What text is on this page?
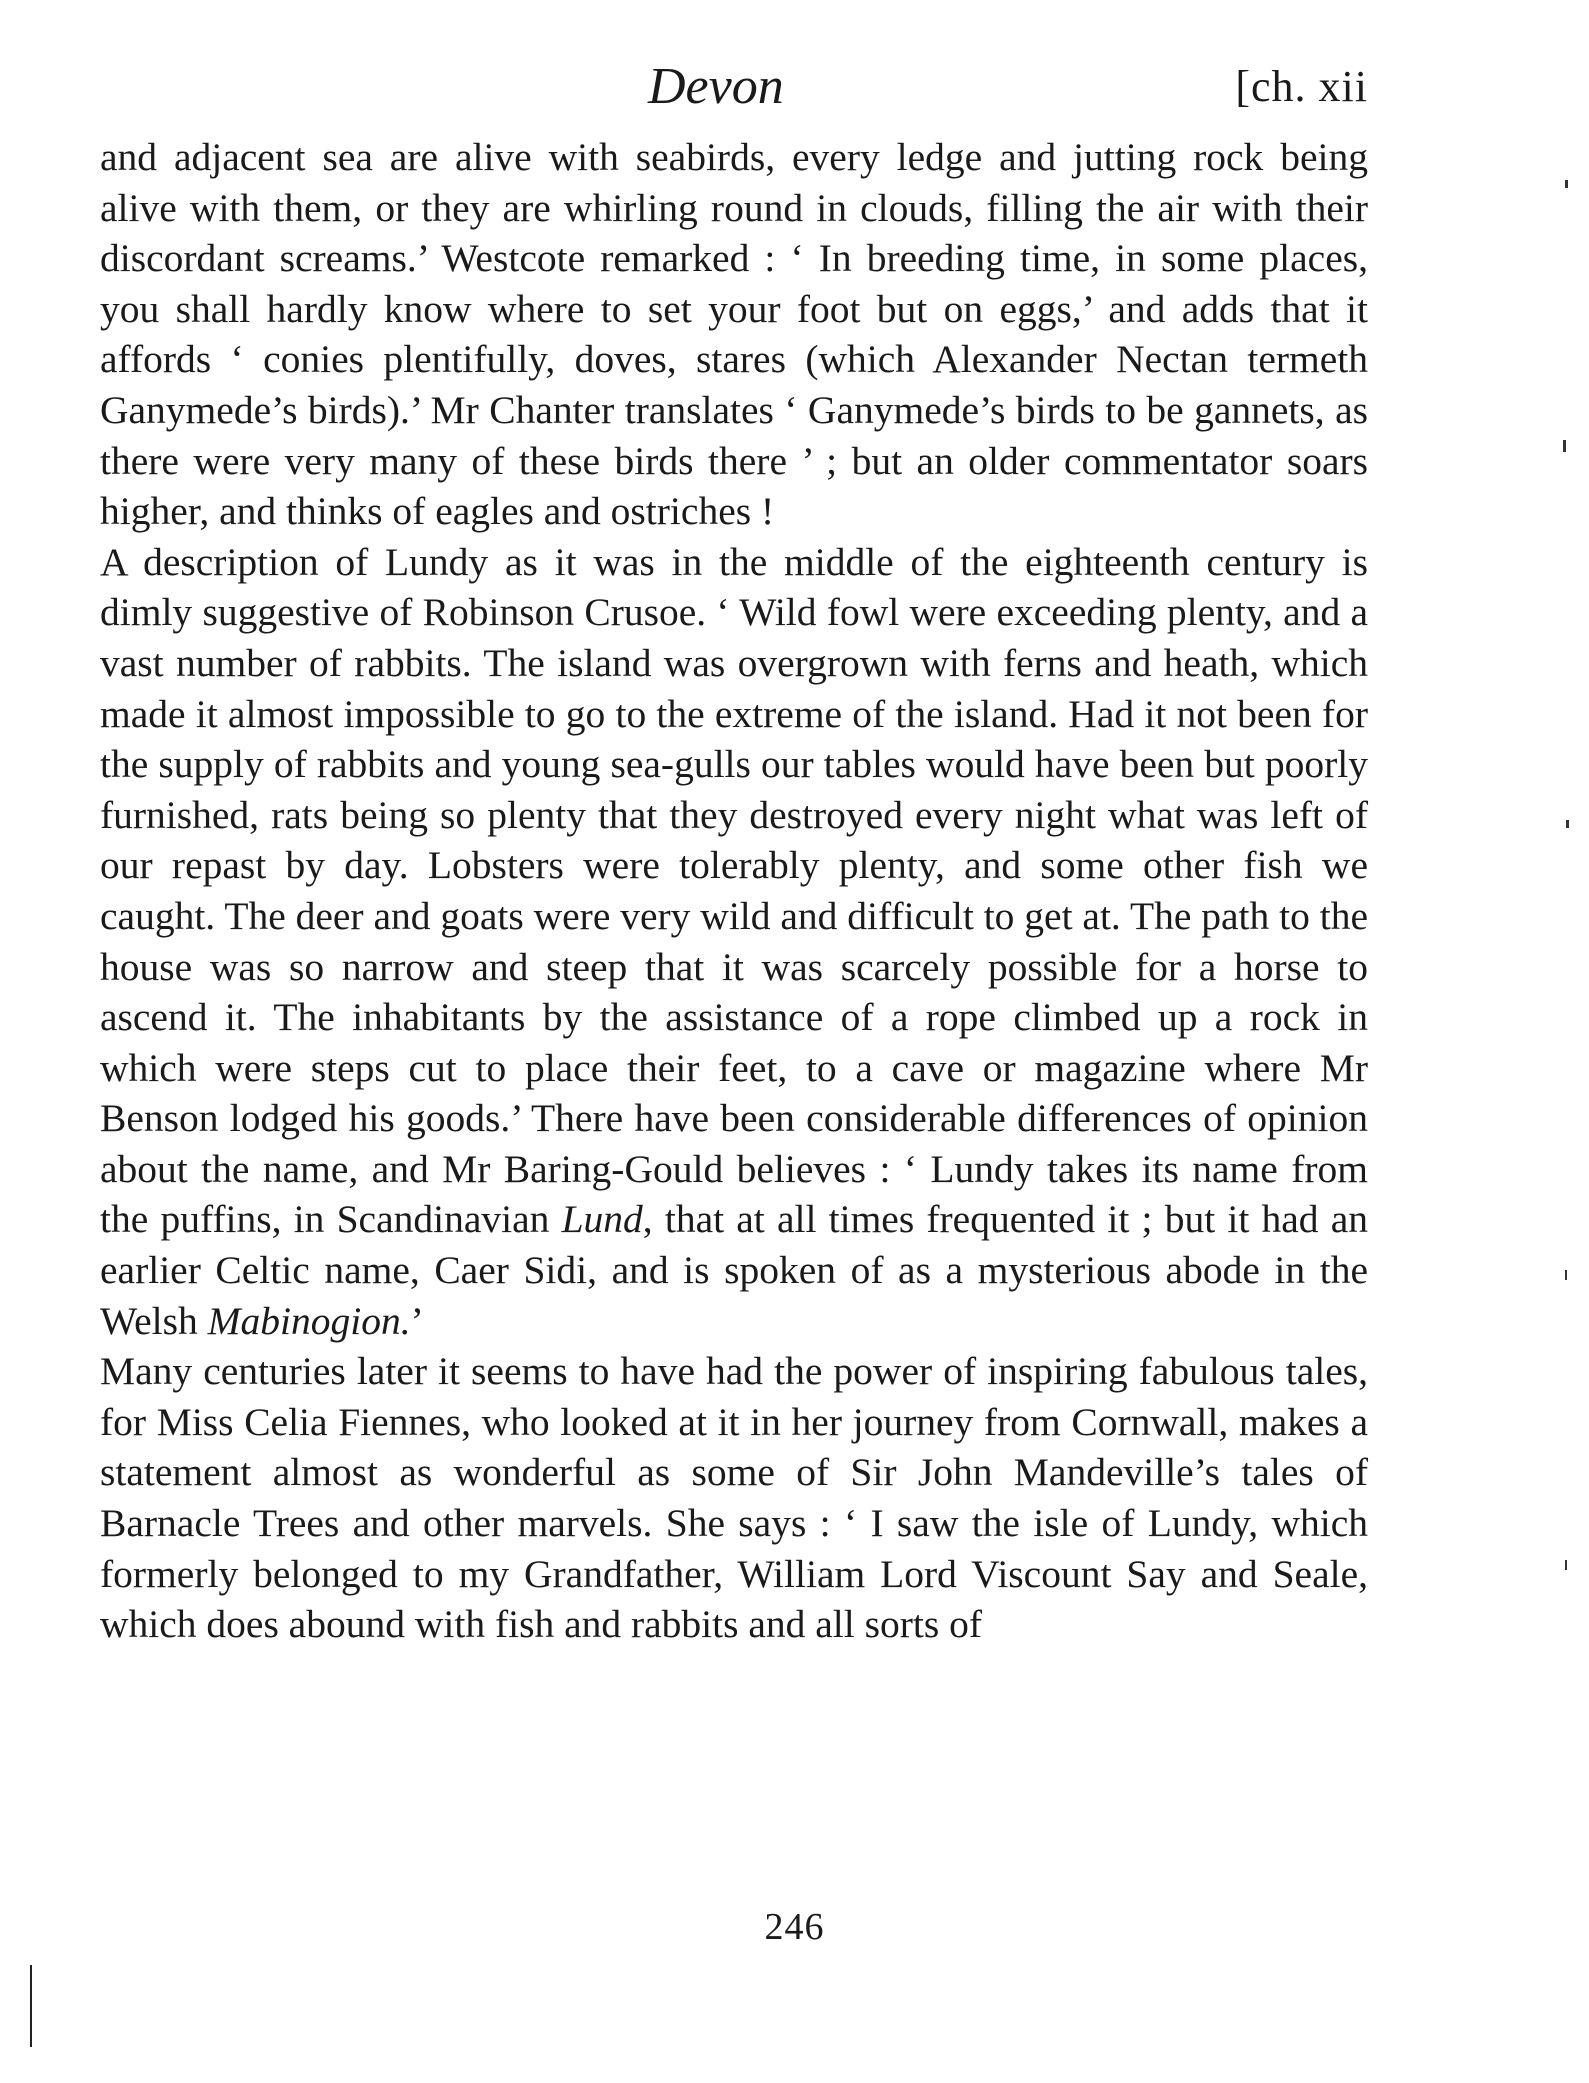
Devon	[ch. xii

and adjacent sea are alive with seabirds, every ledge and jutting rock being alive with them, or they are whirling round in clouds, filling the air with their discordant screams.’ Westcote remarked : ‘ In breeding time, in some places, you shall hardly know where to set your foot but on eggs,’ and adds that it affords ‘ conies plentifully, doves, stares (which Alexander Nectan termeth Ganymede’s birds).’ Mr Chanter translates ‘ Ganymede’s birds to be gannets, as there were very many of these birds there ’ ; but an older commentator soars higher, and thinks of eagles and ostriches !

A description of Lundy as it was in the middle of the eighteenth century is dimly suggestive of Robinson Crusoe. ‘ Wild fowl were exceeding plenty, and a vast number of rabbits. The island was overgrown with ferns and heath, which made it almost impossible to go to the extreme of the island. Had it not been for the supply of rabbits and young sea-gulls our tables would have been but poorly furnished, rats being so plenty that they destroyed every night what was left of our repast by day. Lobsters were tolerably plenty, and some other fish we caught. The deer and goats were very wild and difficult to get at. The path to the house was so narrow and steep that it was scarcely possible for a horse to ascend it. The inhabitants by the assistance of a rope climbed up a rock in which were steps cut to place their feet, to a cave or magazine where Mr Benson lodged his goods.’ There have been considerable differences of opinion about the name, and Mr Baring-Gould believes : ‘ Lundy takes its name from the puffins, in Scandinavian Lund, that at all times frequented it ; but it had an earlier Celtic name, Caer Sidi, and is spoken of as a mysterious abode in the Welsh Mabinogion.’

Many centuries later it seems to have had the power of inspiring fabulous tales, for Miss Celia Fiennes, who looked at it in her journey from Cornwall, makes a statement almost as wonderful as some of Sir John Mandeville’s tales of Barnacle Trees and other marvels. She says : ‘ I saw the isle of Lundy, which formerly belonged to my Grandfather, William Lord Viscount Say and Seale, which does abound with fish and rabbits and all sorts of

246
